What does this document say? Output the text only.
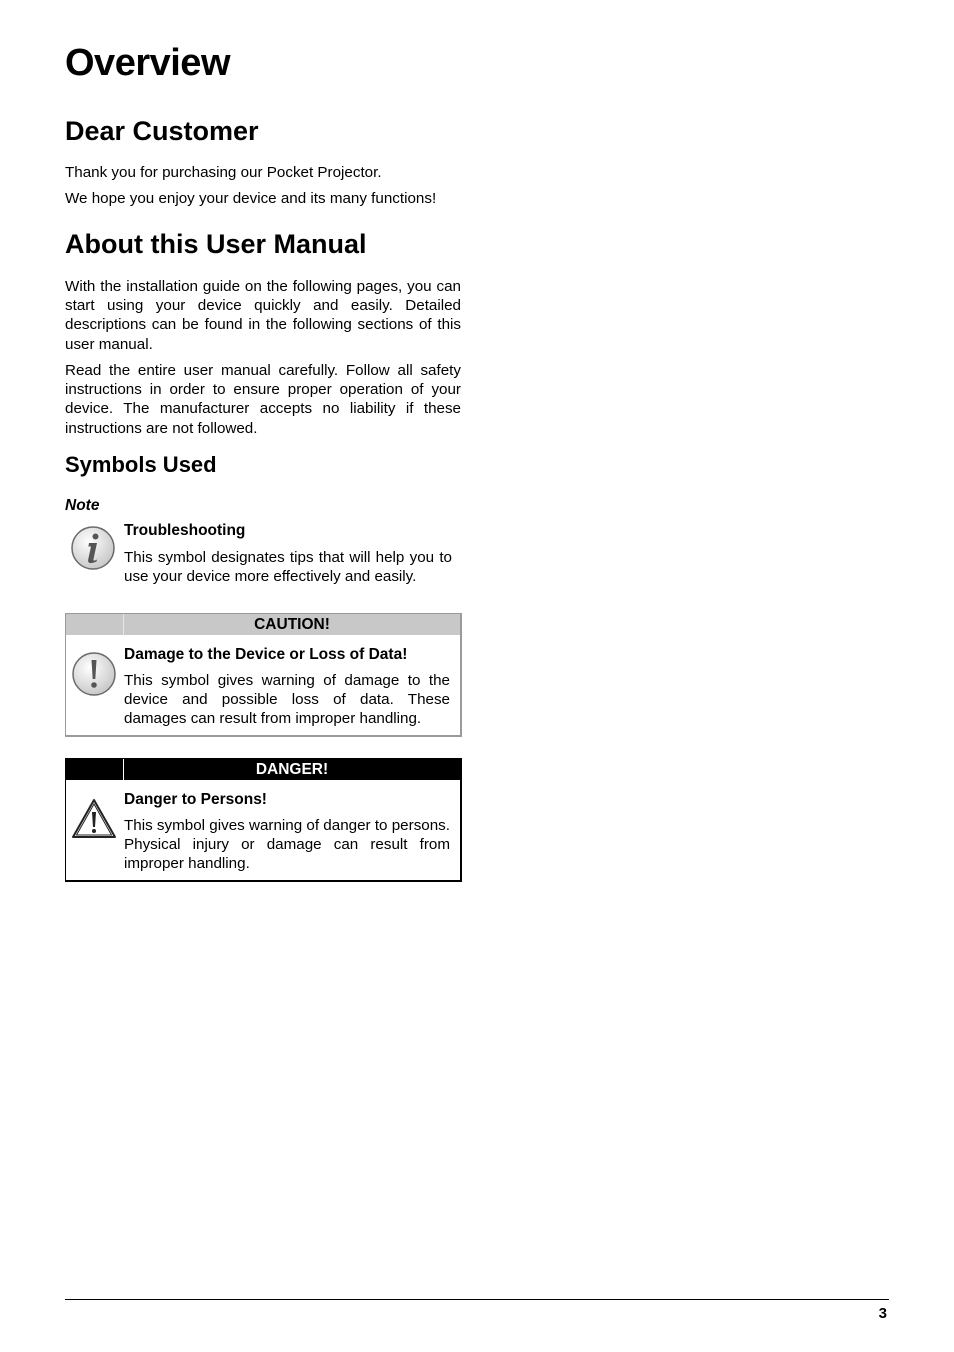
Overview
Dear Customer

Thank you for purchasing our Pocket Projector.

We hope you enjoy your device and its many functions!

About this User Manual

With the installation guide on the following pages, you can start using your device quickly and easily. Detailed descriptions can be found in the following sections of this user manual.

Read the entire user manual carefully. Follow all safety instructions in order to ensure proper operation of your device. The manufacturer accepts no liability if these instructions are not followed.

Symbols Used
Note
Troubleshooting
This symbol designates tips that will help you to use your device more effectively and easily.
CAUTION!
Damage to the Device or Loss of Data!
This symbol gives warning of damage to the device and possible loss of data. These damages can result from improper handling.
DANGER!
Danger to Persons!
This symbol gives warning of danger to persons. Physical injury or damage can result from improper handling.
3
